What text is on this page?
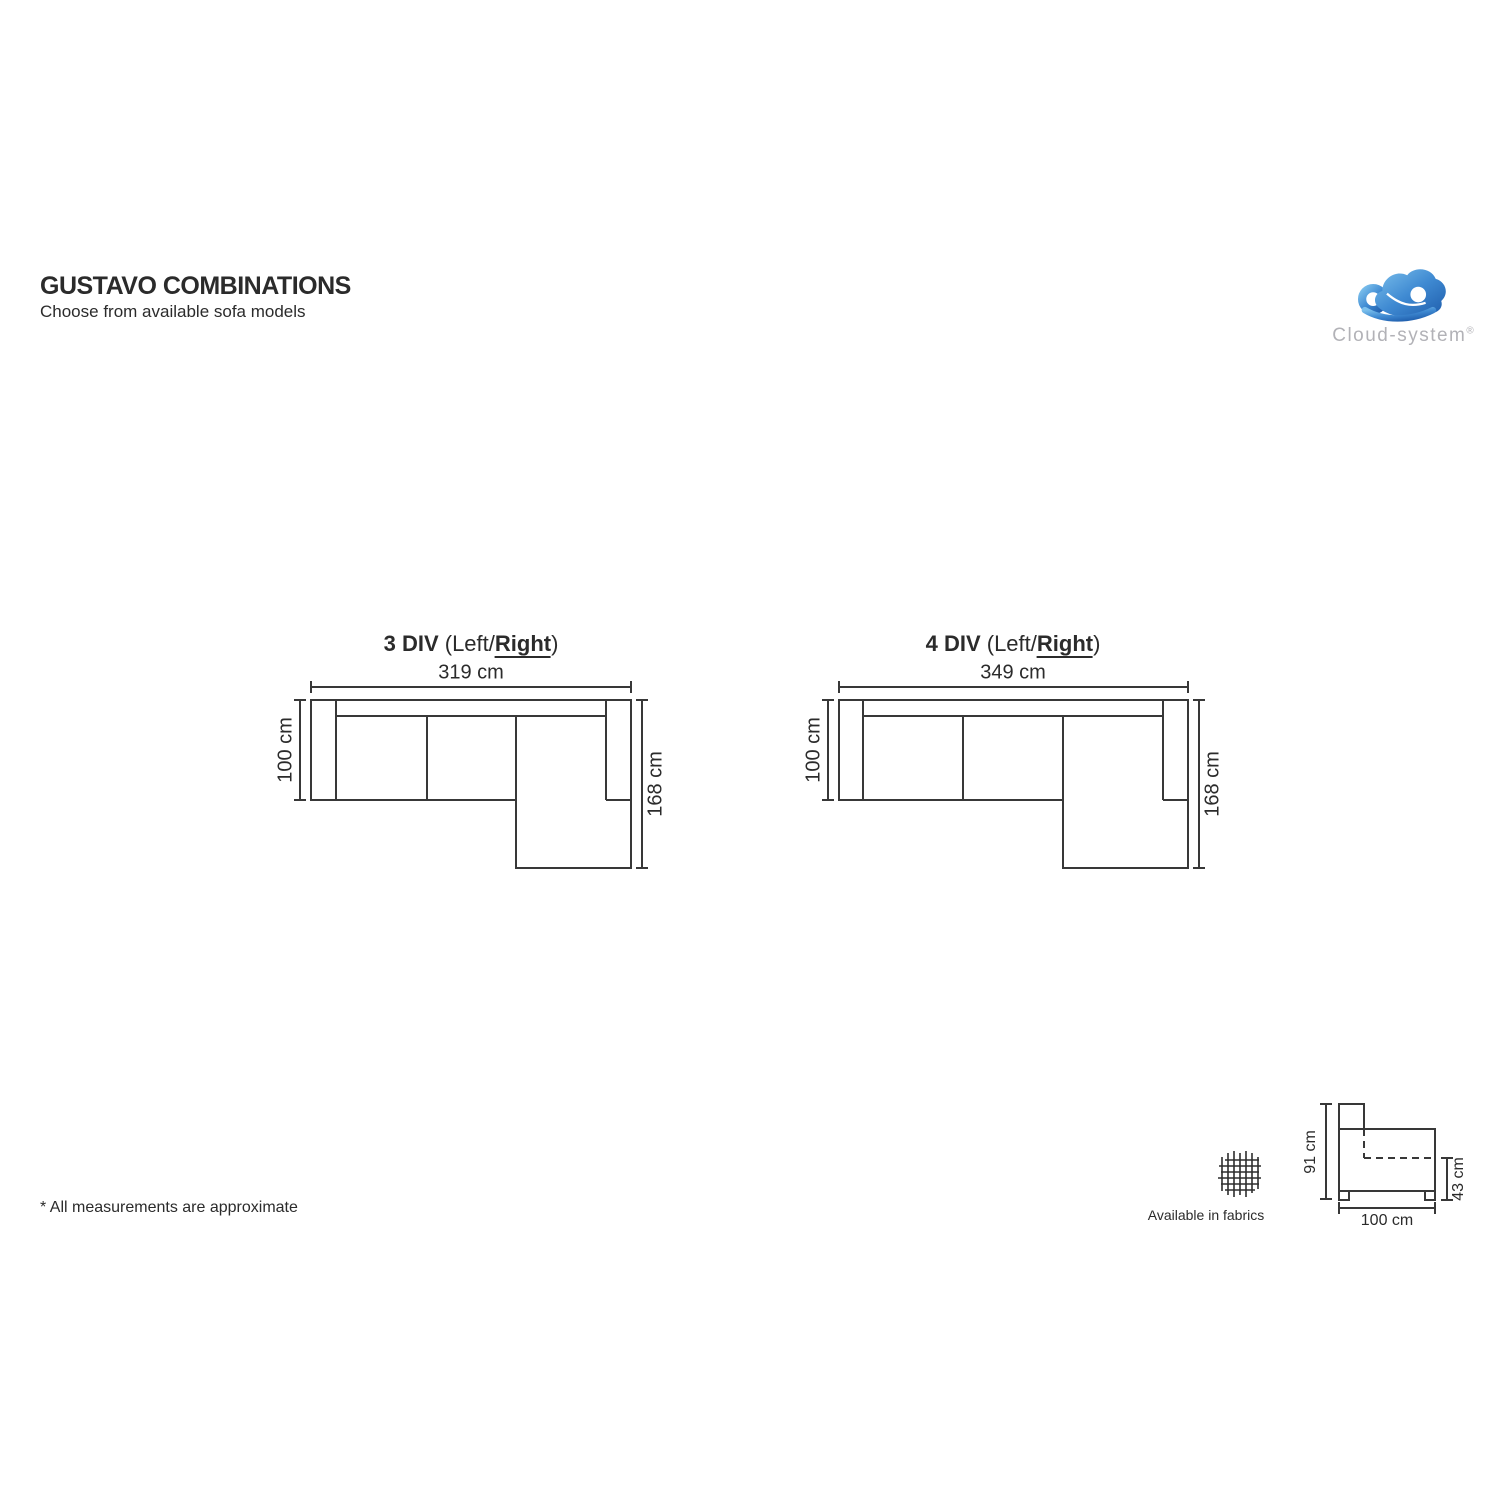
GUSTAVO COMBINATIONS
Choose from available sofa models
Cloud-system®
3 DIV (Left/Right)	4 DIV (Left/Right)
319 cm
100 cm
168 cm
349 cm
100 cm
168 cm
91 cm
43 cm
100 cm
Available in fabrics
* All measurements are approximate
